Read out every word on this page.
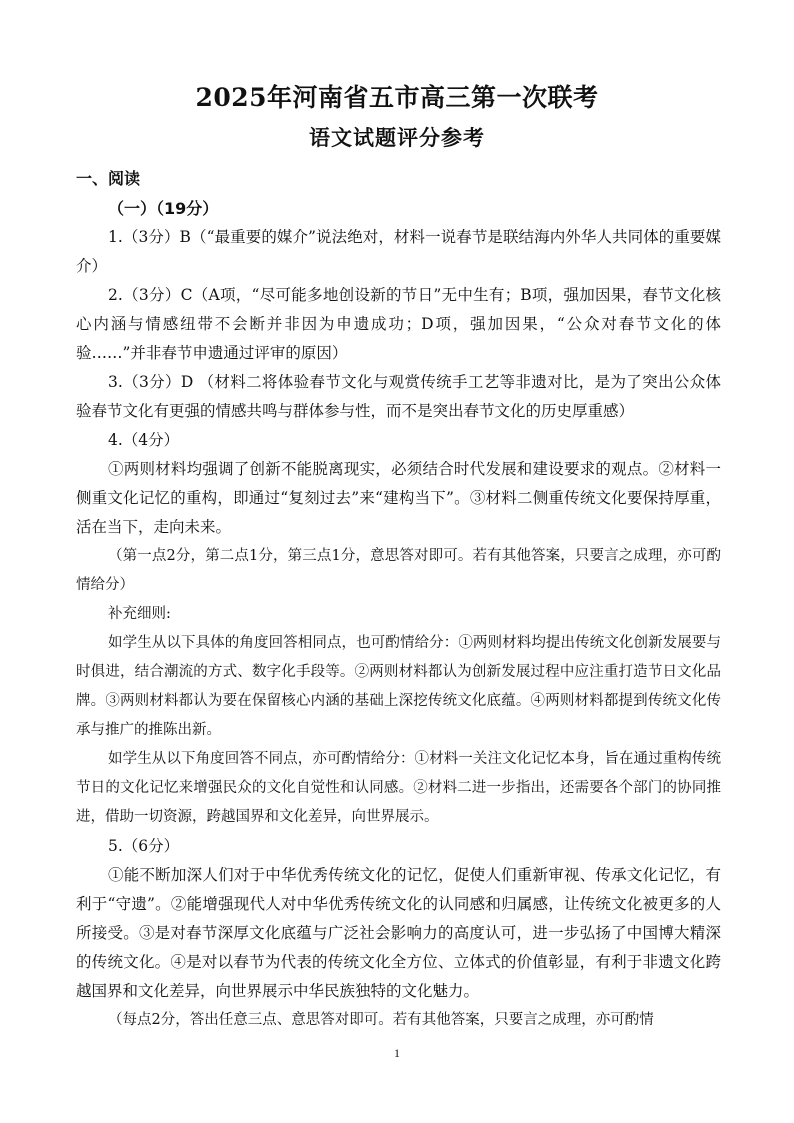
2025年河南省五市高三第一次联考
语文试题评分参考
一、阅读
（一）（19分）

1.（3分）B（“最重要的媒介”说法绝对，材料一说春节是联结海内外华人共同体的重要媒介）

2.（3分）C（A项，“尽可能多地创设新的节日”无中生有；B项，强加因果，春节文化核心内涵与情感纽带不会断并非因为申遗成功；D项，强加因果，“公众对春节文化的体验……”并非春节申遗通过评审的原因）

3.（3分）D （材料二将体验春节文化与观赏传统手工艺等非遗对比，是为了突出公众体验春节文化有更强的情感共鸣与群体参与性，而不是突出春节文化的历史厚重感）

4.（4分）

①两则材料均强调了创新不能脱离现实，必须结合时代发展和建设要求的观点。②材料一侧重文化记忆的重构，即通过“复刻过去”来“建构当下”。③材料二侧重传统文化要保持厚重，活在当下，走向未来。

（第一点2分，第二点1分，第三点1分，意思答对即可。若有其他答案，只要言之成理，亦可酌情给分）

补充细则:

如学生从以下具体的角度回答相同点，也可酌情给分：①两则材料均提出传统文化创新发展要与时俱进，结合潮流的方式、数字化手段等。②两则材料都认为创新发展过程中应注重打造节日文化品牌。③两则材料都认为要在保留核心内涵的基础上深挖传统文化底蕴。④两则材料都提到传统文化传承与推广的推陈出新。

如学生从以下角度回答不同点，亦可酌情给分：①材料一关注文化记忆本身，旨在通过重构传统节日的文化记忆来增强民众的文化自觉性和认同感。②材料二进一步指出，还需要各个部门的协同推进，借助一切资源，跨越国界和文化差异，向世界展示。

5.（6分）

①能不断加深人们对于中华优秀传统文化的记忆，促使人们重新审视、传承文化记忆，有利于“守遗”。②能增强现代人对中华优秀传统文化的认同感和归属感，让传统文化被更多的人所接受。③是对春节深厚文化底蕴与广泛社会影响力的高度认可，进一步弘扬了中国博大精深的传统文化。④是对以春节为代表的传统文化全方位、立体式的价值彰显，有利于非遗文化跨越国界和文化差异，向世界展示中华民族独特的文化魅力。

（每点2分，答出任意三点、意思答对即可。若有其他答案，只要言之成理，亦可酌情

1
